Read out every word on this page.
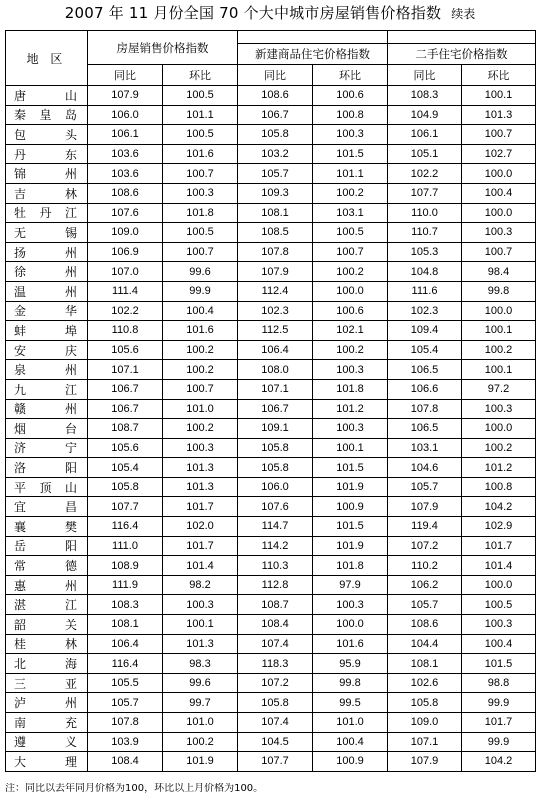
2007 年 11 月份全国 70 个大中城市房屋销售价格指数 续表
地 区	房屋销售价格指数					
			新建商品住宅价格指数		二手住宅价格指数	
	同比	环比	同比	环比	同比	环比
唐山	107.9	100.5	108.6	100.6	108.3	100.1
秦皇岛	106.0	101.1	106.7	100.8	104.9	101.3
包头	106.1	100.5	105.8	100.3	106.1	100.7
丹东	103.6	101.6	103.2	101.5	105.1	102.7
锦州	103.6	100.7	105.7	101.1	102.2	100.0
吉林	108.6	100.3	109.3	100.2	107.7	100.4
牡丹江	107.6	101.8	108.1	103.1	110.0	100.0
无锡	109.0	100.5	108.5	100.5	110.7	100.3
扬州	106.9	100.7	107.8	100.7	105.3	100.7
徐州	107.0	99.6	107.9	100.2	104.8	98.4
温州	111.4	99.9	112.4	100.0	111.6	99.8
金华	102.2	100.4	102.3	100.6	102.3	100.0
蚌埠	110.8	101.6	112.5	102.1	109.4	100.1
安庆	105.6	100.2	106.4	100.2	105.4	100.2
泉州	107.1	100.2	108.0	100.3	106.5	100.1
九江	106.7	100.7	107.1	101.8	106.6	97.2
赣州	106.7	101.0	106.7	101.2	107.8	100.3
烟台	108.7	100.2	109.1	100.3	106.5	100.0
济宁	105.6	100.3	105.8	100.1	103.1	100.2
洛阳	105.4	101.3	105.8	101.5	104.6	101.2
平顶山	105.8	101.3	106.0	101.9	105.7	100.8
宜昌	107.7	101.7	107.6	100.9	107.9	104.2
襄樊	116.4	102.0	114.7	101.5	119.4	102.9
岳阳	111.0	101.7	114.2	101.9	107.2	101.7
常德	108.9	101.4	110.3	101.8	110.2	101.4
惠州	111.9	98.2	112.8	97.9	106.2	100.0
湛江	108.3	100.3	108.7	100.3	105.7	100.5
韶关	108.1	100.1	108.4	100.0	108.6	100.3
桂林	106.4	101.3	107.4	101.6	104.4	100.4
北海	116.4	98.3	118.3	95.9	108.1	101.5
三亚	105.5	99.6	107.2	99.8	102.6	98.8
泸州	105.7	99.7	105.8	99.5	105.8	99.9
南充	107.8	101.0	107.4	101.0	109.0	101.7
遵义	103.9	100.2	104.5	100.4	107.1	99.9
大理	108.4	101.9	107.7	100.9	107.9	104.2
注：同比以去年同月价格为100，环比以上月价格为100。
